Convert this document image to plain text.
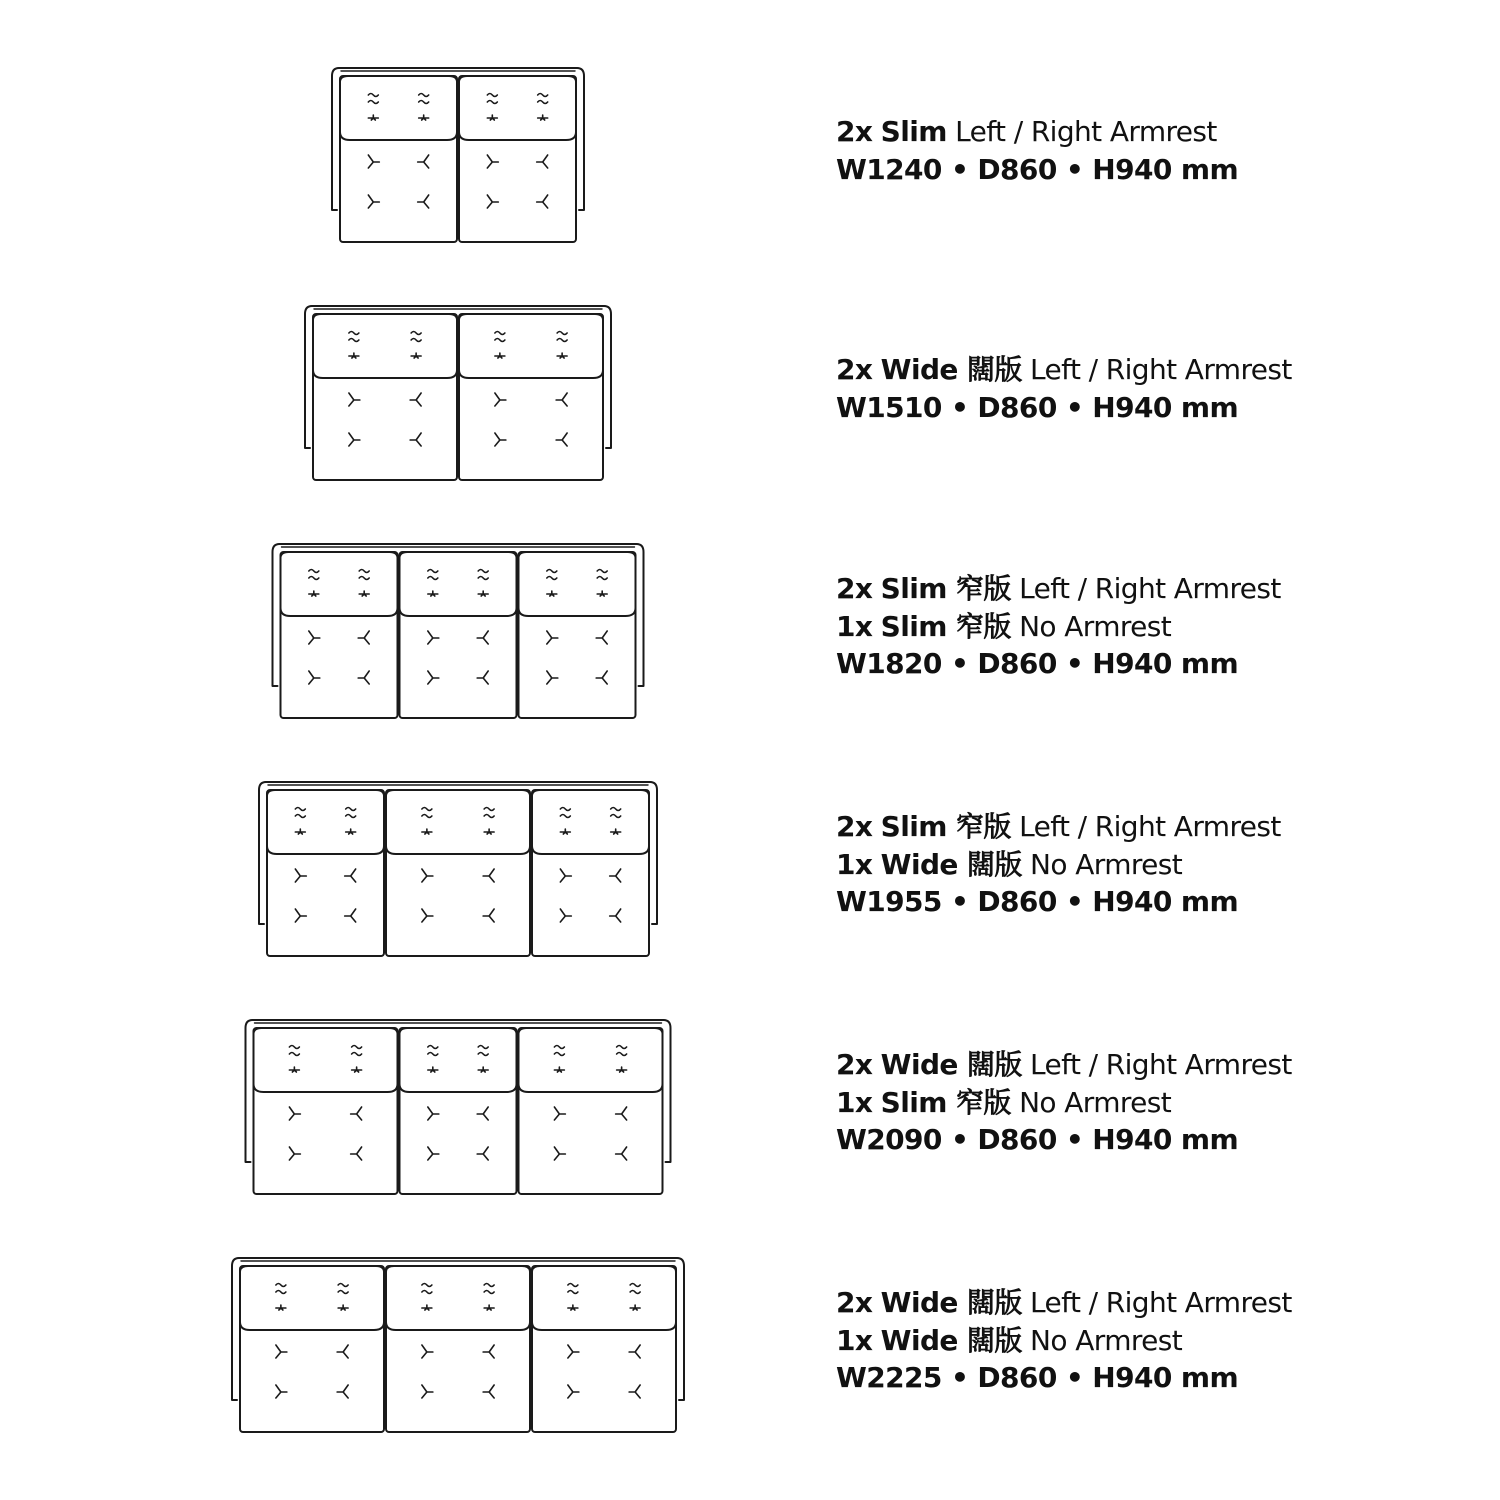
2x Slim Left / Right Armrest
W1240 • D860 • H940 mm
2x Wide 闊版 Left / Right Armrest
W1510 • D860 • H940 mm
2x Slim 窄版 Left / Right Armrest
1x Slim 窄版 No Armrest
W1820 • D860 • H940 mm
2x Slim 窄版 Left / Right Armrest
1x Wide 闊版 No Armrest
W1955 • D860 • H940 mm
2x Wide 闊版 Left / Right Armrest
1x Slim 窄版 No Armrest
W2090 • D860 • H940 mm
2x Wide 闊版 Left / Right Armrest
1x Wide 闊版 No Armrest
W2225 • D860 • H940 mm
